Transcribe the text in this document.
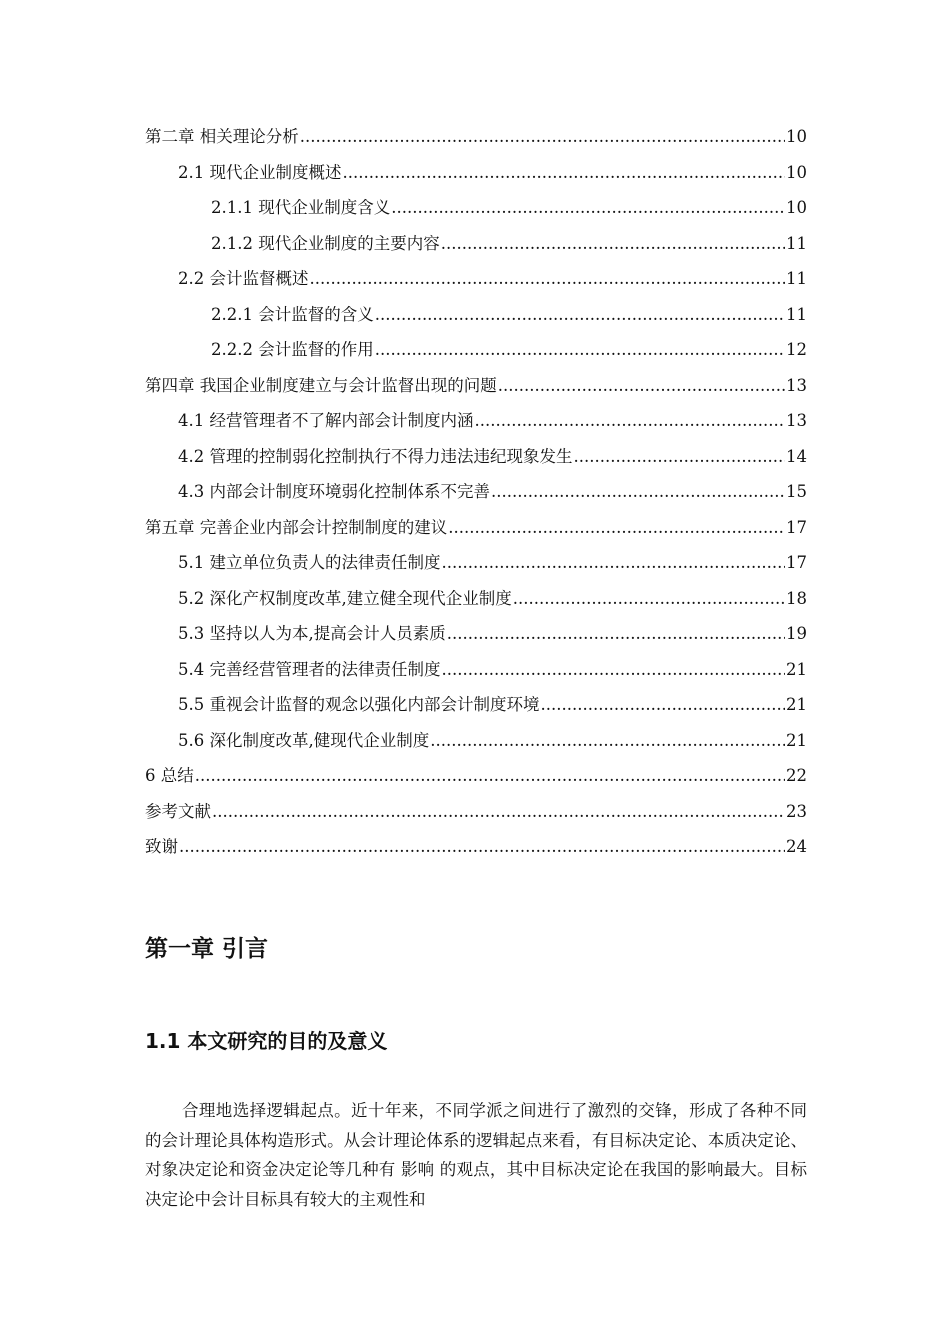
第二章 相关理论分析 .....	10
2.1 现代企业制度概述 .....	10
2.1.1 现代企业制度含义 .....	10
2.1.2 现代企业制度的主要内容 .....	11
2.2 会计监督概述 .....	11
2.2.1 会计监督的含义 .....	11
2.2.2 会计监督的作用 .....	12
第四章 我国企业制度建立与会计监督出现的问题 .....	13
4.1 经营管理者不了解内部会计制度内涵 .....	13
4.2 管理的控制弱化控制执行不得力违法违纪现象发生 .....	14
4.3 内部会计制度环境弱化控制体系不完善 .....	15
第五章 完善企业内部会计控制制度的建议 .....	17
5.1 建立单位负责人的法律责任制度 .....	17
5.2 深化产权制度改革,建立健全现代企业制度 .....	18
5.3 坚持以人为本,提高会计人员素质 .....	19
5.4 完善经营管理者的法律责任制度 .....	21
5.5 重视会计监督的观念以强化内部会计制度环境 .....	21
5.6 深化制度改革,健现代企业制度 .....	21
6 总结 .....	22
参考文献 .....	23
致谢 .....	24
第一章 引言
1.1 本文研究的目的及意义

合理地选择逻辑起点。近十年来，不同学派之间进行了激烈的交锋，形成了各种不同的会计理论具体构造形式。从会计理论体系的逻辑起点来看，有目标决定论、本质决定论、对象决定论和资金决定论等几种有 影响 的观点，其中目标决定论在我国的影响最大。目标决定论中会计目标具有较大的主观性和
